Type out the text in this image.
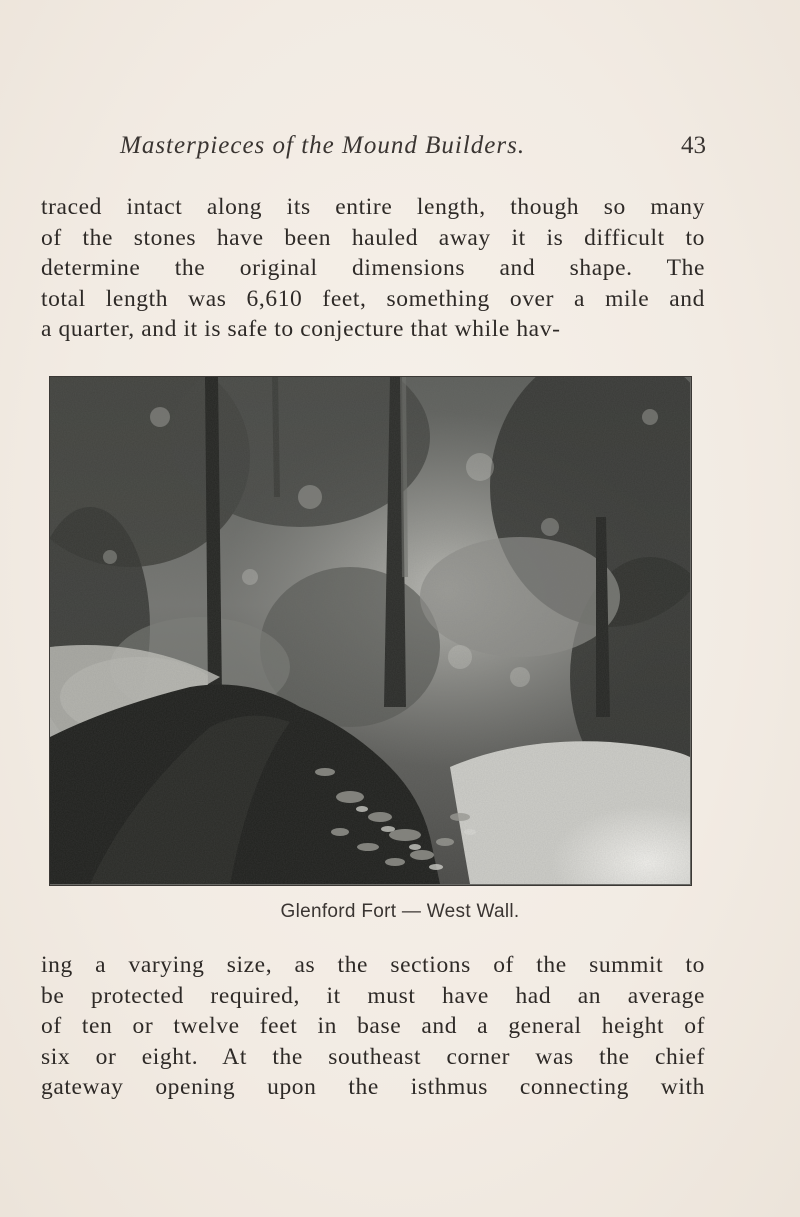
Masterpieces of the Mound Builders.	43
traced intact along its entire length, though so many
of the stones have been hauled away it is difficult to
determine the original dimensions and shape. The
total length was 6,610 feet, something over a mile and
a quarter, and it is safe to conjecture that while hav-
Glenford Fort — West Wall.
ing a varying size, as the sections of the summit to
be protected required, it must have had an average
of ten or twelve feet in base and a general height of
six or eight. At the southeast corner was the chief
gateway opening upon the isthmus connecting with
